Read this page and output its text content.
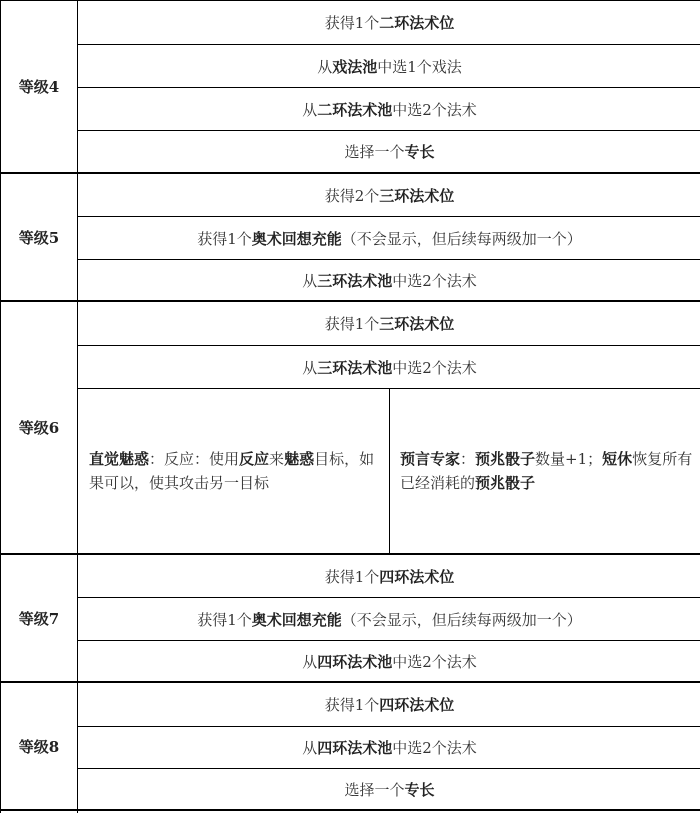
等级4
等级5
等级6
等级7
等级8
获得1个二环法术位
从戏法池中选1个戏法
从二环法术池中选2个法术
选择一个专长
获得2个三环法术位
获得1个奥术回想充能（不会显示，但后续每两级加一个）
从三环法术池中选2个法术
获得1个三环法术位
从三环法术池中选2个法术
直觉魅惑：反应：使用反应来魅惑目标，如果可以，使其攻击另一目标
预言专家：预兆骰子数量+1；短休恢复所有已经消耗的预兆骰子
获得1个四环法术位
获得1个奥术回想充能（不会显示，但后续每两级加一个）
从四环法术池中选2个法术
获得1个四环法术位
从四环法术池中选2个法术
选择一个专长
